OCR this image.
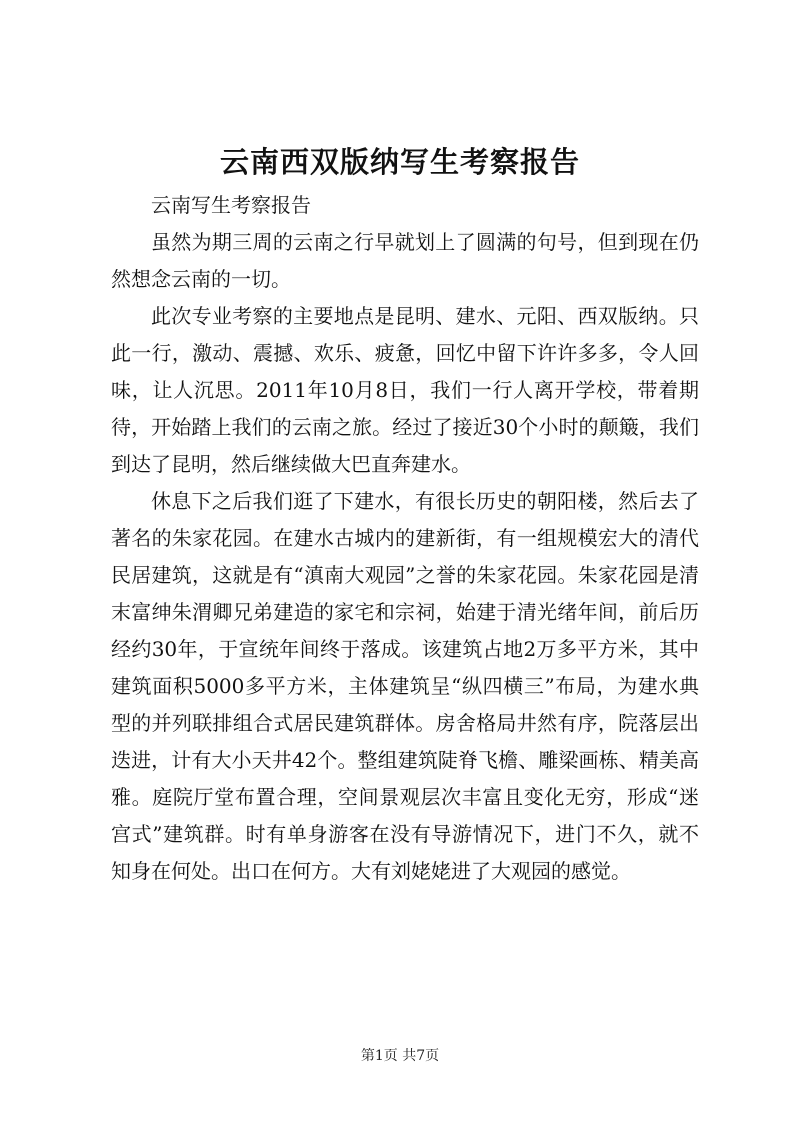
云南西双版纳写生考察报告

云南写生考察报告

虽然为期三周的云南之行早就划上了圆满的句号，但到现在仍然想念云南的一切。

此次专业考察的主要地点是昆明、建水、元阳、西双版纳。只此一行，激动、震撼、欢乐、疲惫，回忆中留下许许多多，令人回味，让人沉思。2011年10月8日，我们一行人离开学校，带着期待，开始踏上我们的云南之旅。经过了接近30个小时的颠簸，我们到达了昆明，然后继续做大巴直奔建水。

休息下之后我们逛了下建水，有很长历史的朝阳楼，然后去了著名的朱家花园。在建水古城内的建新街，有一组规模宏大的清代民居建筑，这就是有“滇南大观园”之誉的朱家花园。朱家花园是清末富绅朱渭卿兄弟建造的家宅和宗祠，始建于清光绪年间，前后历经约30年，于宣统年间终于落成。该建筑占地2万多平方米，其中建筑面积5000多平方米，主体建筑呈“纵四横三”布局，为建水典型的并列联排组合式居民建筑群体。房舍格局井然有序，院落层出迭进，计有大小天井42个。整组建筑陡脊飞檐、雕梁画栋、精美高雅。庭院厅堂布置合理，空间景观层次丰富且变化无穷，形成“迷宫式”建筑群。时有单身游客在没有导游情况下，进门不久，就不知身在何处。出口在何方。大有刘姥姥进了大观园的感觉。

第1页 共7页
